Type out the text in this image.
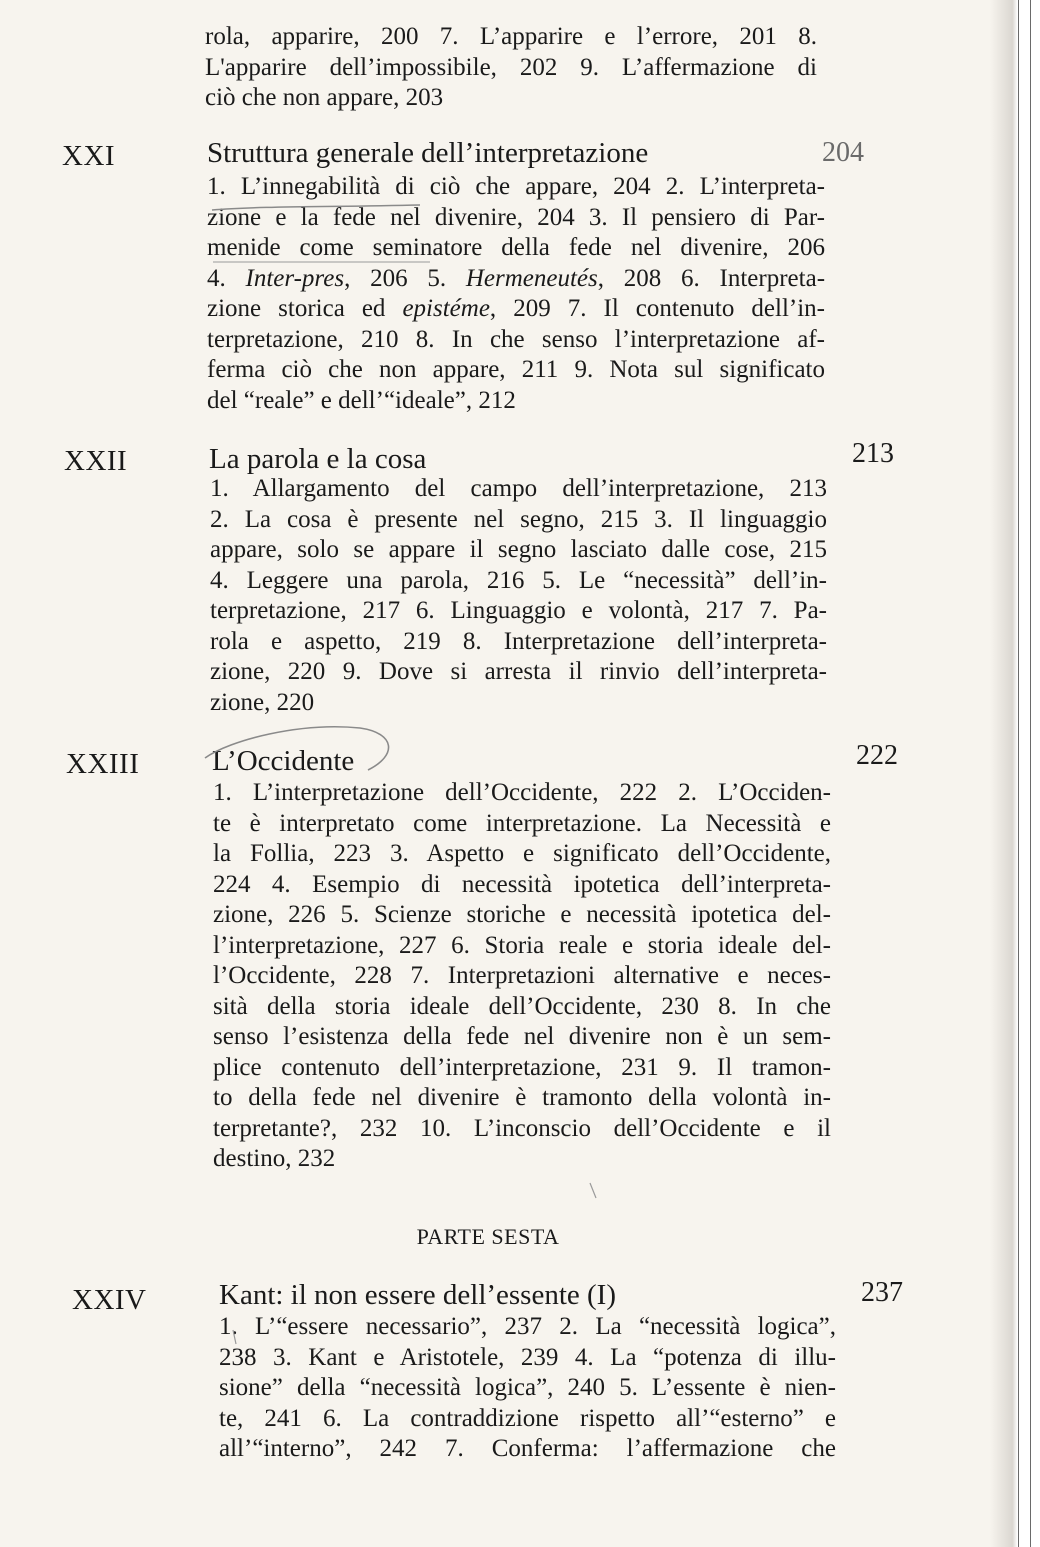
rola, apparire, 200 7. L’apparire e l’errore, 201 8.
L'apparire dell’impossibile, 202 9. L’affermazione di
ciò che non appare, 203
XXI	Struttura generale dell’interpretazione	204
1. L’innegabilità di ciò che appare, 204 2. L’interpreta-
zione e la fede nel divenire, 204 3. Il pensiero di Par-
menide come seminatore della fede nel divenire, 206
4. Inter-pres, 206 5. Hermeneutés, 208 6. Interpreta-
zione storica ed epistéme, 209 7. Il contenuto dell’in-
terpretazione, 210 8. In che senso l’interpretazione af-
ferma ciò che non appare, 211 9. Nota sul significato
del “reale” e dell’“ideale”, 212
XXII	La parola e la cosa	213
1. Allargamento del campo dell’interpretazione, 213
2. La cosa è presente nel segno, 215 3. Il linguaggio
appare, solo se appare il segno lasciato dalle cose, 215
4. Leggere una parola, 216 5. Le “necessità” dell’in-
terpretazione, 217 6. Linguaggio e volontà, 217 7. Pa-
rola e aspetto, 219 8. Interpretazione dell’interpreta-
zione, 220 9. Dove si arresta il rinvio dell’interpreta-
zione, 220
XXIII	L’Occidente	222
1. L’interpretazione dell’Occidente, 222 2. L’Occiden-
te è interpretato come interpretazione. La Necessità e
la Follia, 223 3. Aspetto e significato dell’Occidente,
224 4. Esempio di necessità ipotetica dell’interpreta-
zione, 226 5. Scienze storiche e necessità ipotetica del-
l’interpretazione, 227 6. Storia reale e storia ideale del-
l’Occidente, 228 7. Interpretazioni alternative e neces-
sità della storia ideale dell’Occidente, 230 8. In che
senso l’esistenza della fede nel divenire non è un sem-
plice contenuto dell’interpretazione, 231 9. Il tramon-
to della fede nel divenire è tramonto della volontà in-
terpretante?, 232 10. L’inconscio dell’Occidente e il
destino, 232
PARTE SESTA
XXIV	Kant: il non essere dell’essente (I)	237
1. L’“essere necessario”, 237 2. La “necessità logica”,
238 3. Kant e Aristotele, 239 4. La “potenza di illu-
sione” della “necessità logica”, 240 5. L’essente è nien-
te, 241 6. La contraddizione rispetto all’“esterno” e
all’“interno”, 242 7. Conferma: l’affermazione che
